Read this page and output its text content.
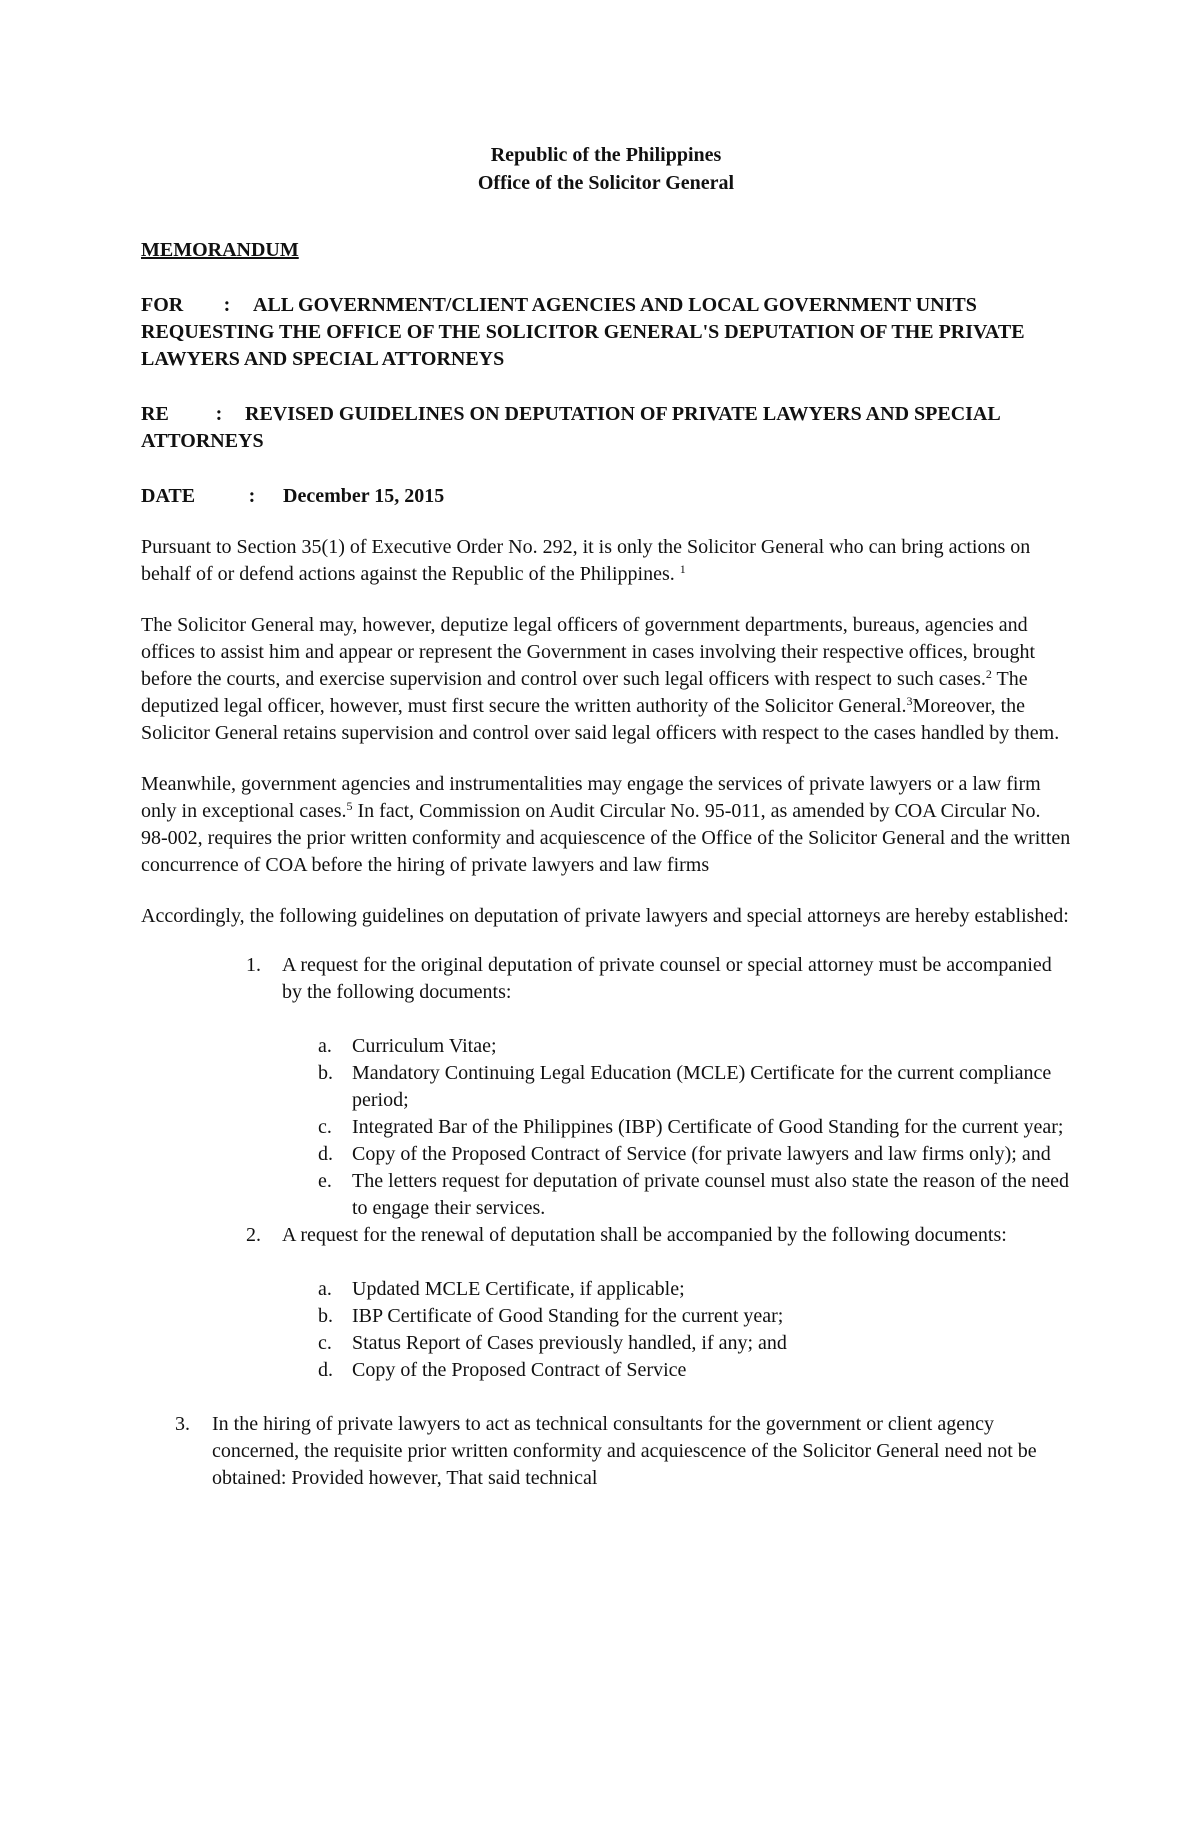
Republic of the Philippines
Office of the Solicitor General
MEMORANDUM
FOR : ALL GOVERNMENT/CLIENT AGENCIES AND LOCAL GOVERNMENT UNITS REQUESTING THE OFFICE OF THE SOLICITOR GENERAL'S DEPUTATION OF THE PRIVATE LAWYERS AND SPECIAL ATTORNEYS
RE : REVISED GUIDELINES ON DEPUTATION OF PRIVATE LAWYERS AND SPECIAL ATTORNEYS
DATE	: December 15, 2015

Pursuant to Section 35(1) of Executive Order No. 292, it is only the Solicitor General who can bring actions on behalf of or defend actions against the Republic of the Philippines. $^1$

The Solicitor General may, however, deputize legal officers of government departments, bureaus, agencies and offices to assist him and appear or represent the Government in cases involving their respective offices, brought before the courts, and exercise supervision and control over such legal officers with respect to such cases.$^2$ The deputized legal officer, however, must first secure the written authority of the Solicitor General.$^3$Moreover, the Solicitor General retains supervision and control over said legal officers with respect to the cases handled by them.

Meanwhile, government agencies and instrumentalities may engage the services of private lawyers or a law firm only in exceptional cases.$^5$ In fact, Commission on Audit Circular No. 95-011, as amended by COA Circular No. 98-002, requires the prior written conformity and acquiescence of the Office of the Solicitor General and the written concurrence of COA before the hiring of private lawyers and law firms

Accordingly, the following guidelines on deputation of private lawyers and special attorneys are hereby established:

1.	A request for the original deputation of private counsel or special attorney must be accompanied by the following documents:
a. Curriculum Vitae;
b. Mandatory Continuing Legal Education (MCLE) Certificate for the current compliance period;
c. Integrated Bar of the Philippines (IBP) Certificate of Good Standing for the current year;
d. Copy of the Proposed Contract of Service (for private lawyers and law firms only); and
e. The letters request for deputation of private counsel must also state the reason of the need to engage their services.
2.	A request for the renewal of deputation shall be accompanied by the following documents:
a. Updated MCLE Certificate, if applicable;
b. IBP Certificate of Good Standing for the current year;
c. Status Report of Cases previously handled, if any; and
d. Copy of the Proposed Contract of Service
3.	In the hiring of private lawyers to act as technical consultants for the government or client agency concerned, the requisite prior written conformity and acquiescence of the Solicitor General need not be obtained: Provided however, That said technical
